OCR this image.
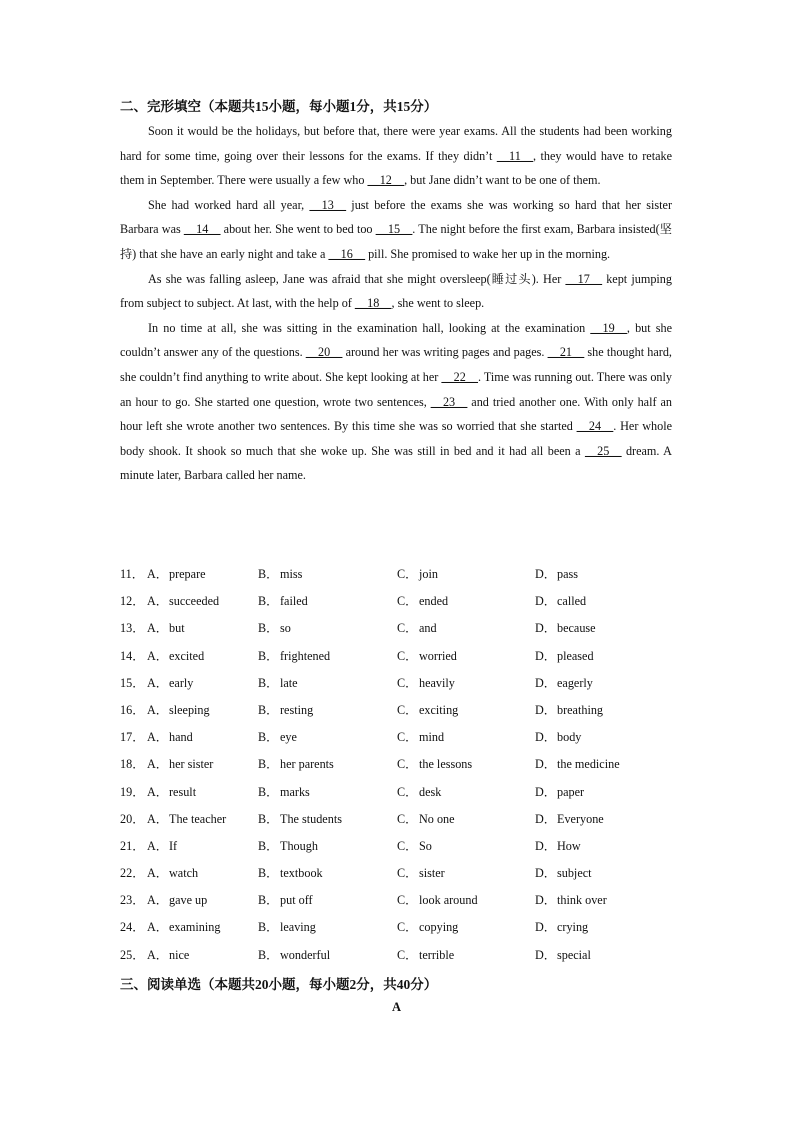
二、完形填空（本题共15小题，每小题1分，共15分）

Soon it would be the holidays, but before that, there were year exams. All the students had been working hard for some time, going over their lessons for the exams. If they didn’t __11__, they would have to retake them in September. There were usually a few who __12__, but Jane didn’t want to be one of them.

She had worked hard all year, __13__ just before the exams she was working so hard that her sister Barbara was __14__ about her. She went to bed too __15__. The night before the first exam, Barbara insisted(坚持) that she have an early night and take a __16__ pill. She promised to wake her up in the morning.

As she was falling asleep, Jane was afraid that she might oversleep(睡过头). Her __17__ kept jumping from subject to subject. At last, with the help of __18__, she went to sleep.

In no time at all, she was sitting in the examination hall, looking at the examination __19__, but she couldn’t answer any of the questions. __20__ around her was writing pages and pages. __21__ she thought hard, she couldn’t find anything to write about. She kept looking at her __22__. Time was running out. There was only an hour to go. She started one question, wrote two sentences, __23__ and tried another one. With only half an hour left she wrote another two sentences. By this time she was so worried that she started __24__. Her whole body shook. It shook so much that she woke up. She was still in bed and it had all been a __25__ dream. A minute later, Barbara called her name.

11． A．prepare	B． miss	C． join	D．pass
12． A．succeeded	B． failed	C． ended	D．called
13． A．but	B． so	C． and	D．because
14． A．excited	B． frightened	C． worried	D．pleased
15． A．early	B． late	C． heavily	D．eagerly
16． A．sleeping	B． resting	C． exciting	D．breathing
17． A．hand	B． eye	C． mind	D．body
18． A．her sister	B． her parents	C． the lessons	D．the medicine
19． A．result	B． marks	C． desk	D．paper
20． A．The teacher	B． The students	C． No one	D．Everyone
21． A．If	B． Though	C． So	D．How
22． A．watch	B． textbook	C． sister	D．subject
23． A．gave up	B． put off	C． look around	D．think over
24． A．examining	B． leaving	C． copying	D．crying
25． A．nice	B． wonderful	C． terrible	D．special
三、阅读单选（本题共20小题，每小题2分，共40分）
A
